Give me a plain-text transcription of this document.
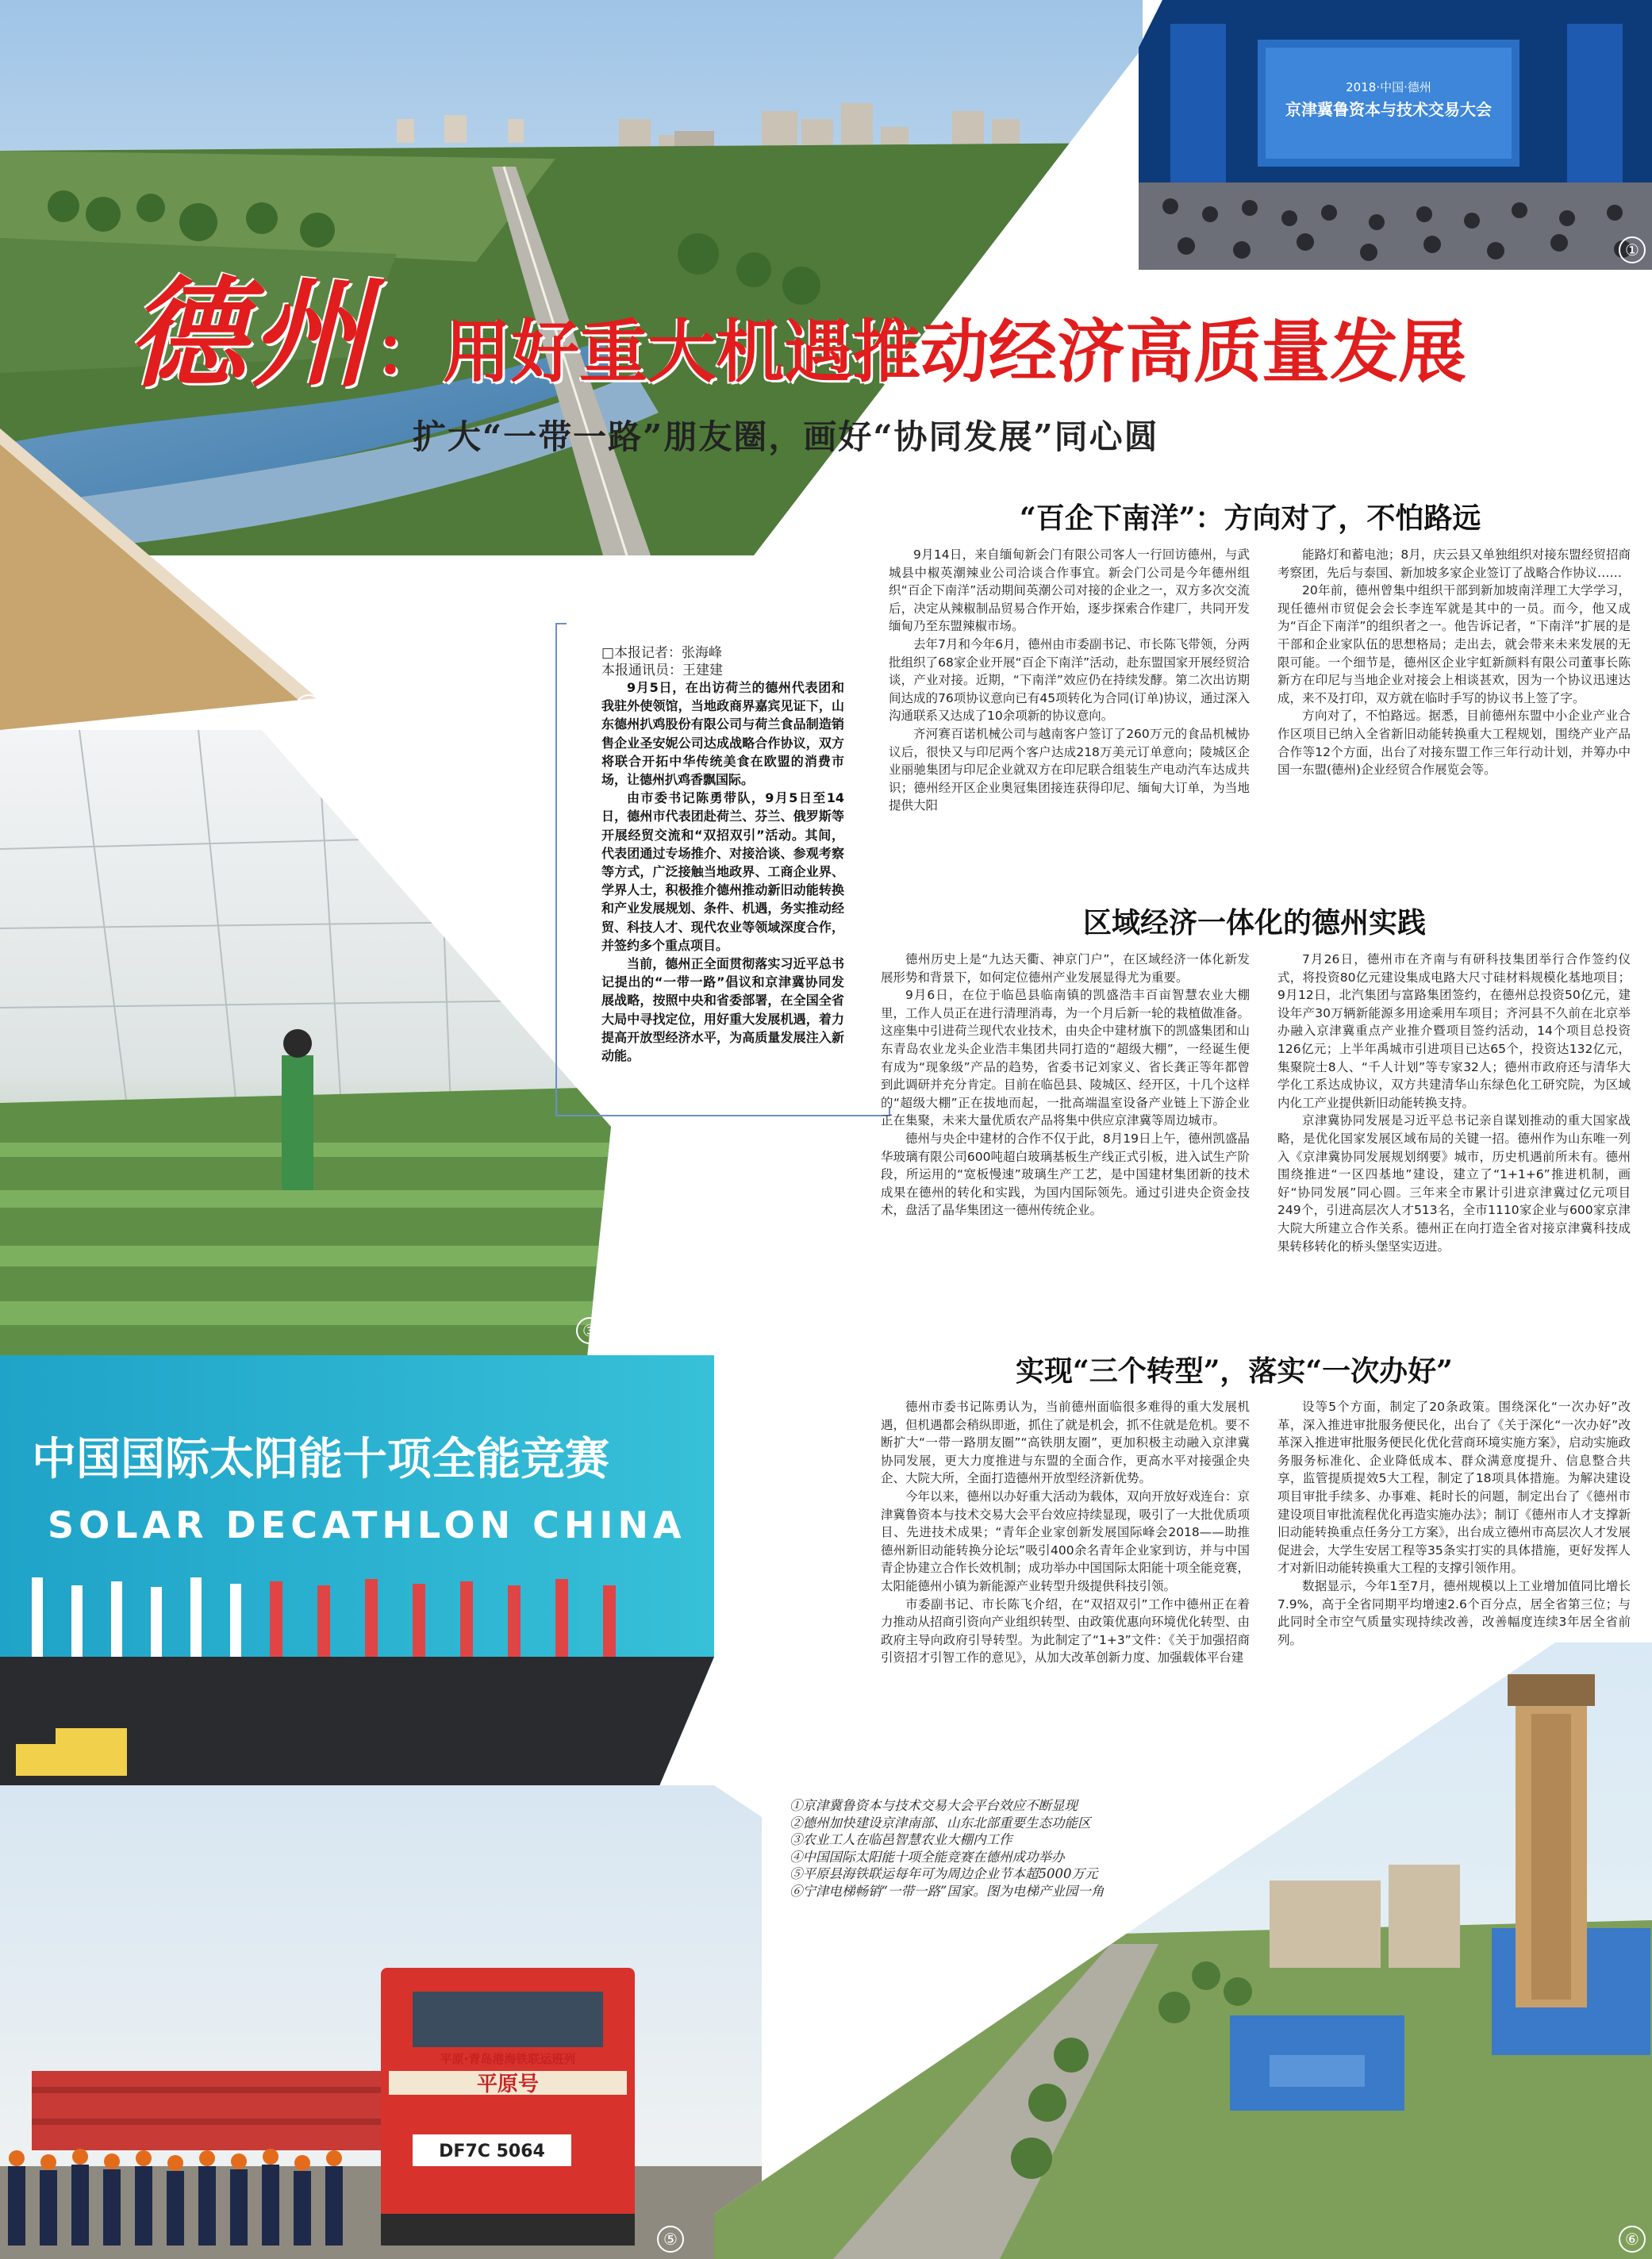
2018·中国·德州
京津冀鲁资本与技术交易大会
中国国际太阳能十项全能竞赛
SOLAR DECATHLON CHINA
平原·青岛港海铁联运班列
平原号
DF7C 5064
德州：用好重大机遇推动经济高质量发展
扩大“一带一路”朋友圈，画好“协同发展”同心圆
□本报记者：张海峰
本报通讯员：王建建

9月5日，在出访荷兰的德州代表团和我驻外使领馆，当地政商界嘉宾见证下，山东德州扒鸡股份有限公司与荷兰食品制造销售企业圣安妮公司达成战略合作协议，双方将联合开拓中华传统美食在欧盟的消费市场，让德州扒鸡香飘国际。

由市委书记陈勇带队，9月5日至14日，德州市代表团赴荷兰、芬兰、俄罗斯等开展经贸交流和“双招双引”活动。其间，代表团通过专场推介、对接洽谈、参观考察等方式，广泛接触当地政界、工商企业界、学界人士，积极推介德州推动新旧动能转换和产业发展规划、条件、机遇，务实推动经贸、科技人才、现代农业等领域深度合作，并签约多个重点项目。

当前，德州正全面贯彻落实习近平总书记提出的“一带一路”倡议和京津冀协同发展战略，按照中央和省委部署，在全国全省大局中寻找定位，用好重大发展机遇，着力提高开放型经济水平，为高质量发展注入新动能。

“百企下南洋”：方向对了，不怕路远

9月14日，来自缅甸新会门有限公司客人一行回访德州，与武城县中椒英潮辣业公司洽谈合作事宜。新会门公司是今年德州组织“百企下南洋”活动期间英潮公司对接的企业之一，双方多次交流后，决定从辣椒制品贸易合作开始，逐步探索合作建厂，共同开发缅甸乃至东盟辣椒市场。

去年7月和今年6月，德州由市委副书记、市长陈飞带领，分两批组织了68家企业开展“百企下南洋”活动，赴东盟国家开展经贸洽谈，产业对接。近期，“下南洋”效应仍在持续发酵。第二次出访期间达成的76项协议意向已有45项转化为合同(订单)协议，通过深入沟通联系又达成了10余项新的协议意向。

齐河赛百诺机械公司与越南客户签订了260万元的食品机械协议后，很快又与印尼两个客户达成218万美元订单意向；陵城区企业丽驰集团与印尼企业就双方在印尼联合组装生产电动汽车达成共识；德州经开区企业奥冠集团接连获得印尼、缅甸大订单，为当地提供大阳

能路灯和蓄电池；8月，庆云县又单独组织对接东盟经贸招商考察团，先后与泰国、新加坡多家企业签订了战略合作协议……

20年前，德州曾集中组织干部到新加坡南洋理工大学学习，现任德州市贸促会会长李连军就是其中的一员。而今，他又成为“百企下南洋”的组织者之一。他告诉记者，“下南洋”扩展的是干部和企业家队伍的思想格局；走出去，就会带来未来发展的无限可能。一个细节是，德州区企业宇虹新颜料有限公司董事长陈新方在印尼与当地企业对接会上相谈甚欢，因为一个协议迅速达成，来不及打印，双方就在临时手写的协议书上签了字。

方向对了，不怕路远。据悉，目前德州东盟中小企业产业合作区项目已纳入全省新旧动能转换重大工程规划，围绕产业产品合作等12个方面，出台了对接东盟工作三年行动计划，并筹办中国一东盟(德州)企业经贸合作展览会等。

区域经济一体化的德州实践

德州历史上是“九达天衢、神京门户”，在区域经济一体化新发展形势和背景下，如何定位德州产业发展显得尤为重要。

9月6日，在位于临邑县临南镇的凯盛浩丰百亩智慧农业大棚里，工作人员正在进行清理消毒，为一个月后新一轮的栽植做准备。这座集中引进荷兰现代农业技术，由央企中建材旗下的凯盛集团和山东青岛农业龙头企业浩丰集团共同打造的“超级大棚”，一经诞生便有成为“现象级”产品的趋势，省委书记刘家义、省长龚正等年都曾到此调研并充分肯定。目前在临邑县、陵城区、经开区，十几个这样的“超级大棚”正在拔地而起，一批高端温室设备产业链上下游企业正在集聚，未来大量优质农产品将集中供应京津冀等周边城市。

德州与央企中建材的合作不仅于此，8月19日上午，德州凯盛晶华玻璃有限公司600吨超白玻璃基板生产线正式引板，进入试生产阶段，所运用的“宽板慢速”玻璃生产工艺，是中国建材集团新的技术成果在德州的转化和实践，为国内国际领先。通过引进央企资金技术，盘活了晶华集团这一德州传统企业。

7月26日，德州市在齐南与有研科技集团举行合作签约仪式，将投资80亿元建设集成电路大尺寸硅材料规模化基地项目；9月12日，北汽集团与富路集团签约，在德州总投资50亿元，建设年产30万辆新能源多用途乘用车项目；齐河县不久前在北京举办融入京津冀重点产业推介暨项目签约活动，14个项目总投资126亿元；上半年禹城市引进项目已达65个，投资达132亿元，集聚院士8人、“千人计划”等专家32人；德州市政府还与清华大学化工系达成协议，双方共建清华山东绿色化工研究院，为区域内化工产业提供新旧动能转换支持。

京津冀协同发展是习近平总书记亲自谋划推动的重大国家战略，是优化国家发展区域布局的关键一招。德州作为山东唯一列入《京津冀协同发展规划纲要》城市，历史机遇前所未有。德州围绕推进“一区四基地”建设，建立了“1+1+6”推进机制，画好“协同发展”同心圆。三年来全市累计引进京津冀过亿元项目249个，引进高层次人才513名，全市1110家企业与600家京津大院大所建立合作关系。德州正在向打造全省对接京津冀科技成果转移转化的桥头堡坚实迈进。

实现“三个转型”，落实“一次办好”

德州市委书记陈勇认为，当前德州面临很多难得的重大发展机遇，但机遇都会稍纵即逝，抓住了就是机会，抓不住就是危机。要不断扩大“一带一路朋友圈”“高铁朋友圈”，更加积极主动融入京津冀协同发展，更大力度推进与东盟的全面合作，更高水平对接强企央企、大院大所，全面打造德州开放型经济新优势。

今年以来，德州以办好重大活动为载体，双向开放好戏连台：京津冀鲁资本与技术交易大会平台效应持续显现，吸引了一大批优质项目、先进技术成果；“青年企业家创新发展国际峰会2018——助推德州新旧动能转换分论坛”吸引400余名青年企业家到访，并与中国青企协建立合作长效机制；成功举办中国国际太阳能十项全能竞赛，太阳能德州小镇为新能源产业转型升级提供科技引领。

市委副书记、市长陈飞介绍，在“双招双引”工作中德州正在着力推动从招商引资向产业组织转型、由政策优惠向环境优化转型、由政府主导向政府引导转型。为此制定了“1+3”文件：《关于加强招商引资招才引智工作的意见》，从加大改革创新力度、加强载体平台建

设等5个方面，制定了20条政策。围绕深化“一次办好”改革，深入推进审批服务便民化，出台了《关于深化“一次办好”改革深入推进审批服务便民化优化营商环境实施方案》，启动实施政务服务标准化、企业降低成本、群众满意度提升、信息整合共享，监管提质提效5大工程，制定了18项具体措施。为解决建设项目审批手续多、办事难、耗时长的问题，制定出台了《德州市建设项目审批流程优化再造实施办法》；制订《德州市人才支撑新旧动能转换重点任务分工方案》，出台成立德州市高层次人才发展促进会，大学生安居工程等35条实打实的具体措施，更好发挥人才对新旧动能转换重大工程的支撑引领作用。

数据显示，今年1至7月，德州规模以上工业增加值同比增长7.9%，高于全省同期平均增速2.6个百分点，居全省第三位；与此同时全市空气质量实现持续改善，改善幅度连续3年居全省前列。

①京津冀鲁资本与技术交易大会平台效应不断显现
②德州加快建设京津南部、山东北部重要生态功能区
③农业工人在临邑智慧农业大棚内工作
④中国国际太阳能十项全能竞赛在德州成功举办
⑤平原县海铁联运每年可为周边企业节本超5000万元
⑥宁津电梯畅销“一带一路”国家。图为电梯产业园一角
①
②
③
④
⑤	⑥
